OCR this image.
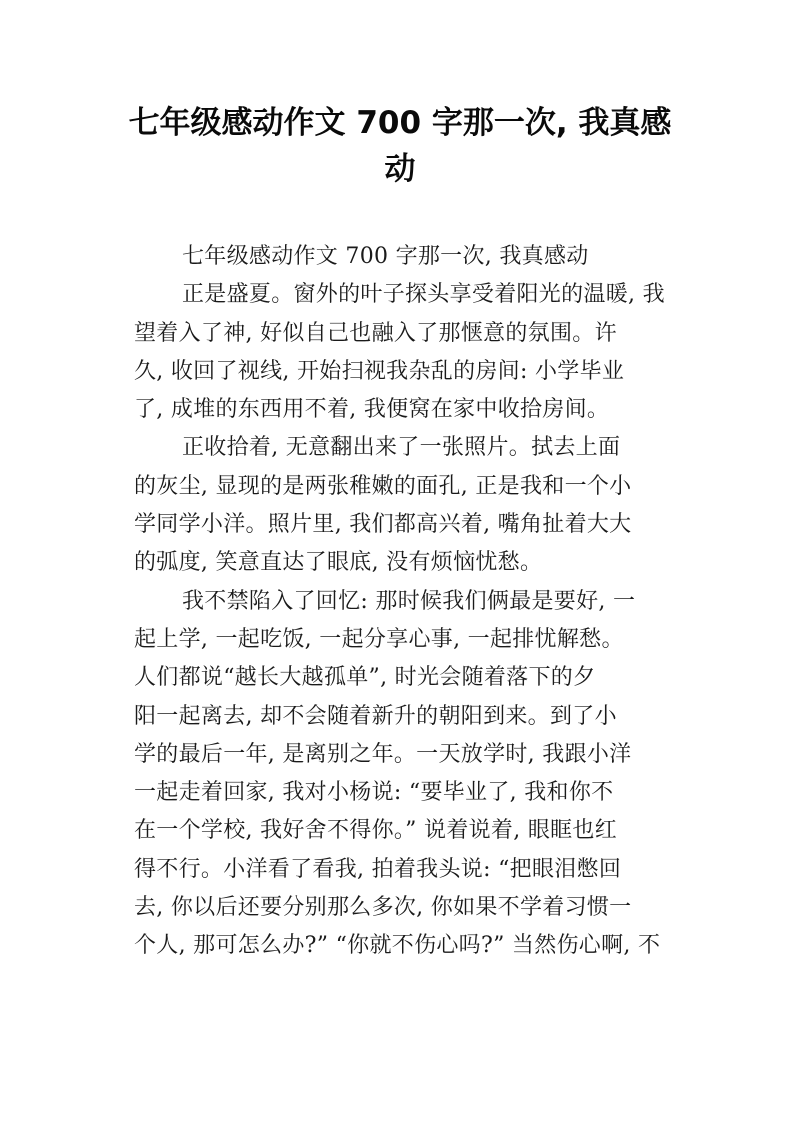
七年级感动作文 700 字那一次, 我真感
动
七年级感动作文 700 字那一次, 我真感动
正是盛夏。窗外的叶子探头享受着阳光的温暖, 我
望着入了神, 好似自己也融入了那惬意的氛围。许
久, 收回了视线, 开始扫视我杂乱的房间: 小学毕业
了, 成堆的东西用不着, 我便窝在家中收拾房间。
正收拾着, 无意翻出来了一张照片。拭去上面
的灰尘, 显现的是两张稚嫩的面孔, 正是我和一个小
学同学小洋。照片里, 我们都高兴着, 嘴角扯着大大
的弧度, 笑意直达了眼底, 没有烦恼忧愁。
我不禁陷入了回忆: 那时候我们俩最是要好, 一
起上学, 一起吃饭, 一起分享心事, 一起排忧解愁。
人们都说“越长大越孤单”, 时光会随着落下的夕
阳一起离去, 却不会随着新升的朝阳到来。到了小
学的最后一年, 是离别之年。一天放学时, 我跟小洋
一起走着回家, 我对小杨说: “要毕业了, 我和你不
在一个学校, 我好舍不得你。” 说着说着, 眼眶也红
得不行。小洋看了看我, 拍着我头说: “把眼泪憋回
去, 你以后还要分别那么多次, 你如果不学着习惯一
个人, 那可怎么办?” “你就不伤心吗?” 当然伤心啊, 不
